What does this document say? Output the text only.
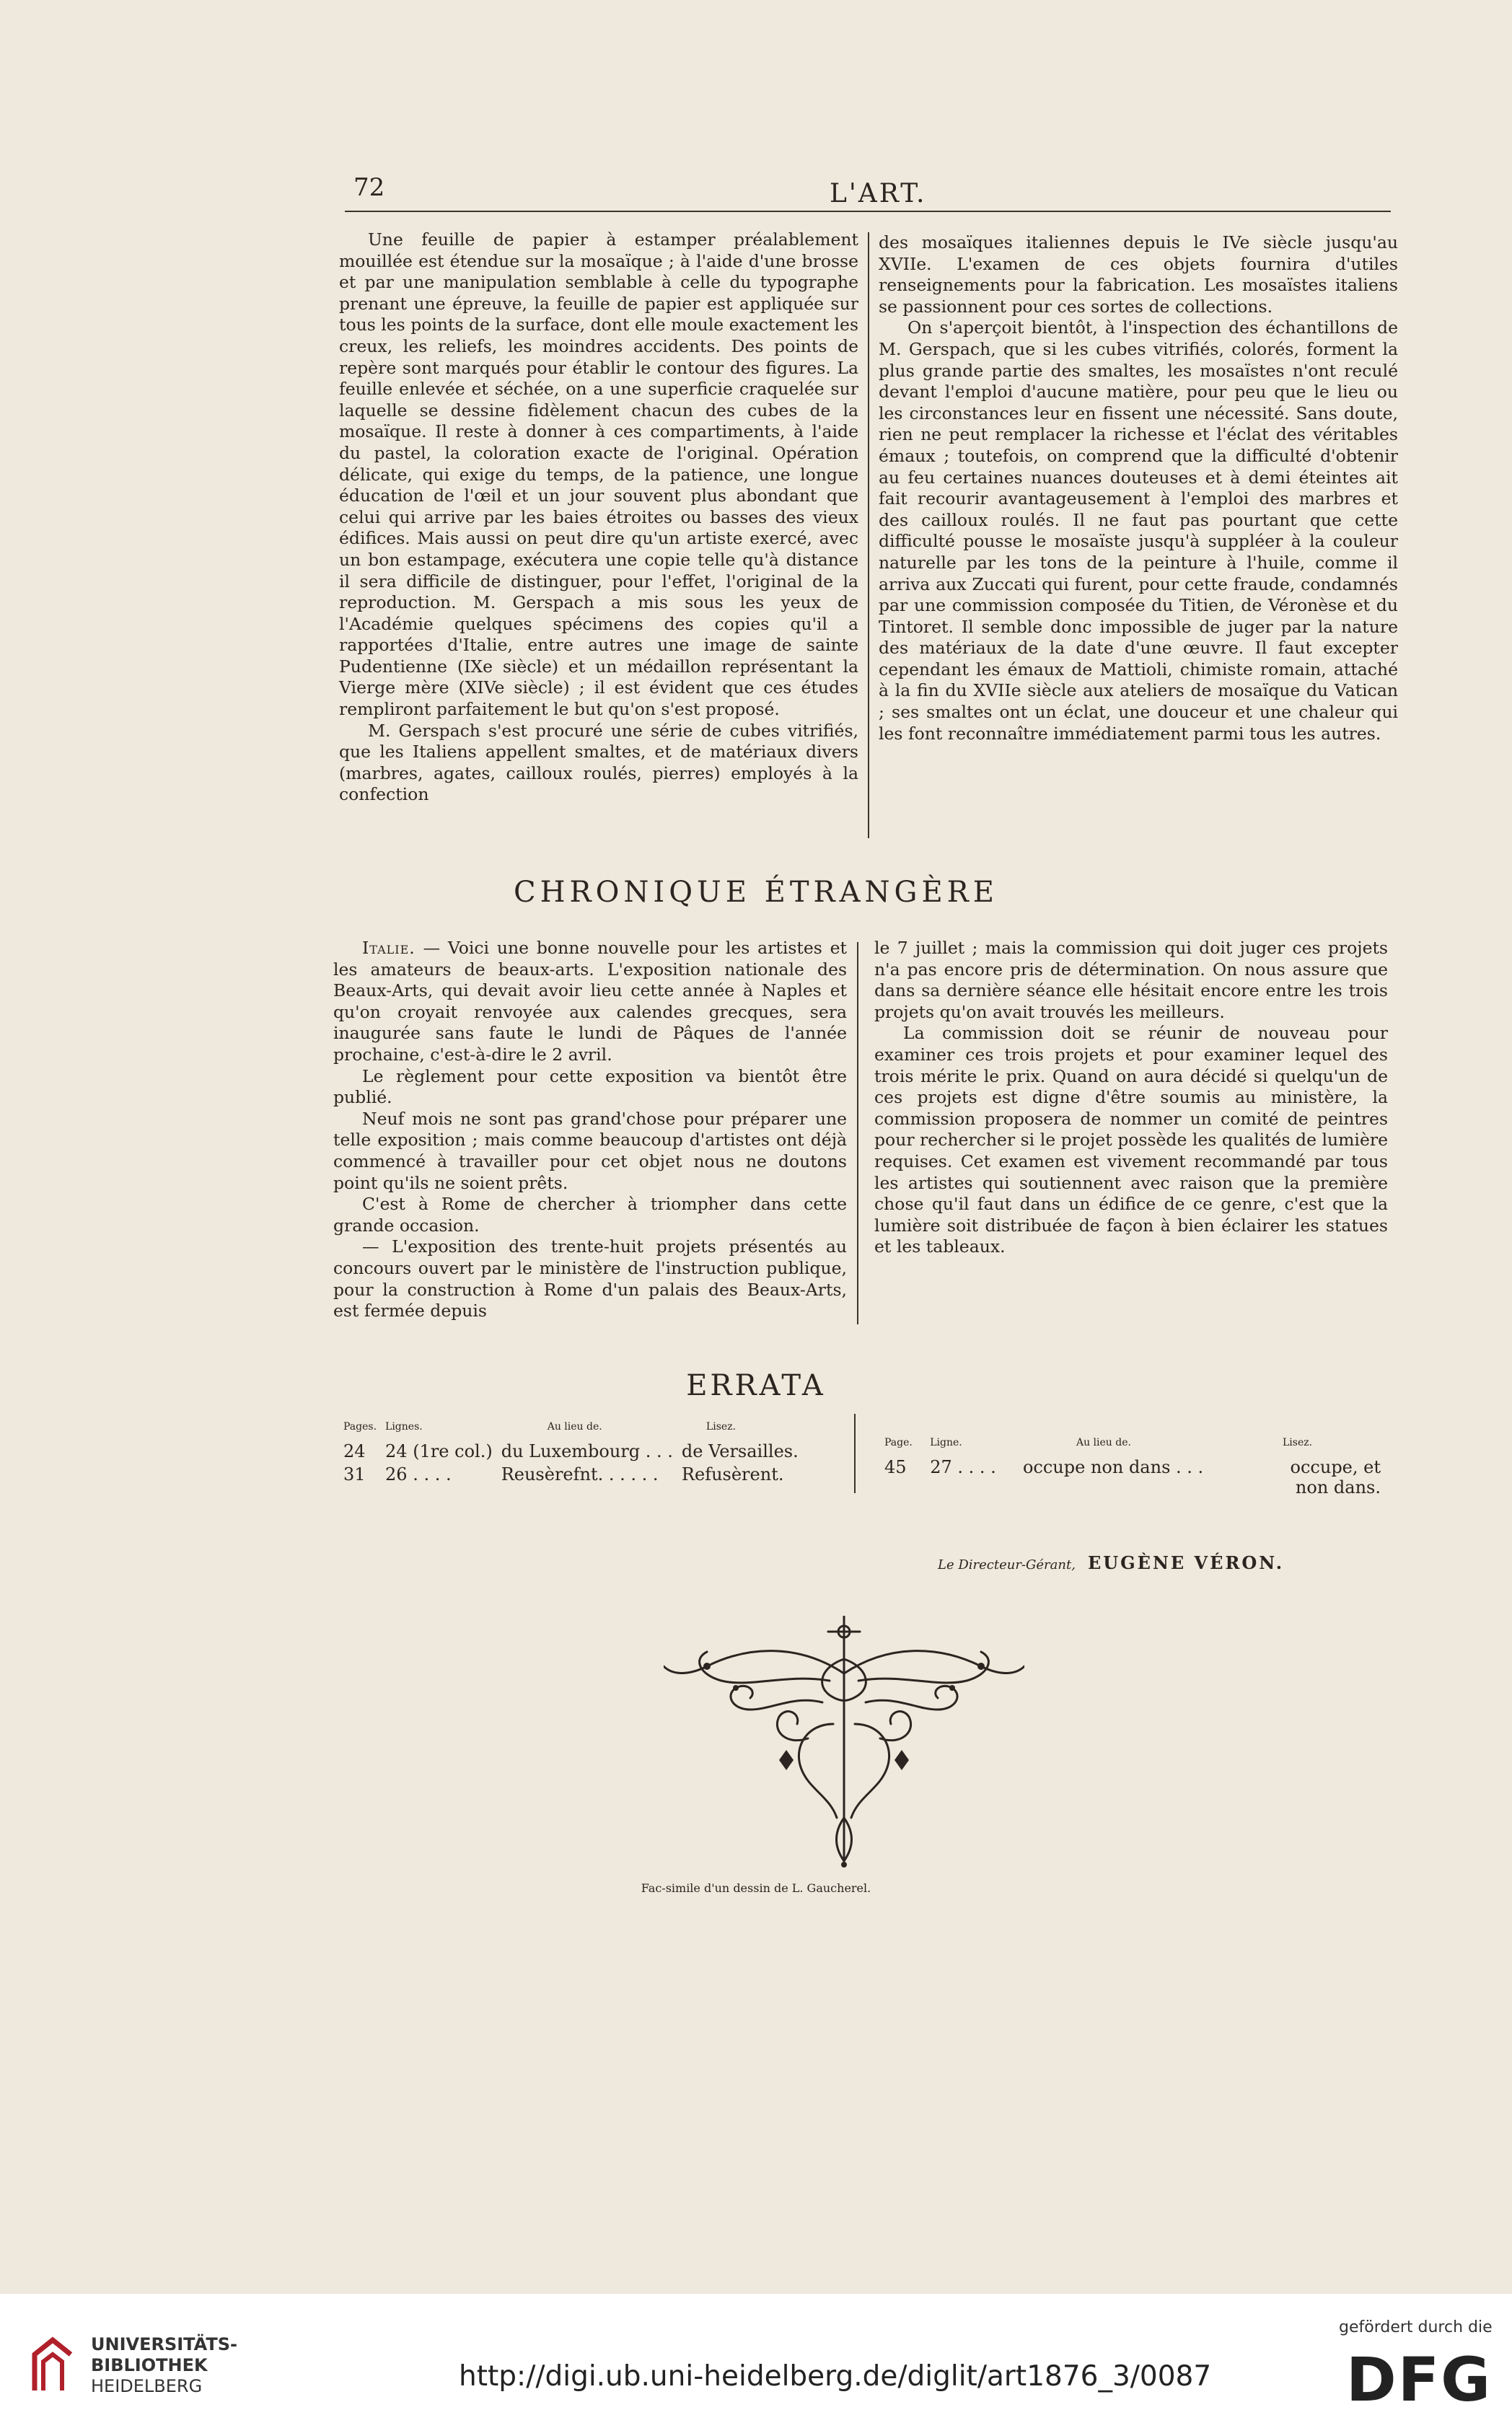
72	L'ART.

Une feuille de papier à estamper préalablement mouillée est étendue sur la mosaïque ; à l'aide d'une brosse et par une manipulation semblable à celle du typographe prenant une épreuve, la feuille de papier est appliquée sur tous les points de la surface, dont elle moule exactement les creux, les reliefs, les moindres accidents. Des points de repère sont marqués pour établir le contour des figures. La feuille enlevée et séchée, on a une superficie craquelée sur laquelle se dessine fidèlement chacun des cubes de la mosaïque. Il reste à donner à ces compartiments, à l'aide du pastel, la coloration exacte de l'original. Opération délicate, qui exige du temps, de la patience, une longue éducation de l'œil et un jour souvent plus abondant que celui qui arrive par les baies étroites ou basses des vieux édifices. Mais aussi on peut dire qu'un artiste exercé, avec un bon estampage, exécutera une copie telle qu'à distance il sera difficile de distinguer, pour l'effet, l'original de la reproduction. M. Gerspach a mis sous les yeux de l'Académie quelques spécimens des copies qu'il a rapportées d'Italie, entre autres une image de sainte Pudentienne (IXe siècle) et un médaillon représentant la Vierge mère (XIVe siècle) ; il est évident que ces études rempliront parfaitement le but qu'on s'est proposé.

M. Gerspach s'est procuré une série de cubes vitrifiés, que les Italiens appellent smaltes, et de matériaux divers (marbres, agates, cailloux roulés, pierres) employés à la confection

des mosaïques italiennes depuis le IVe siècle jusqu'au XVIIe. L'examen de ces objets fournira d'utiles renseignements pour la fabrication. Les mosaïstes italiens se passionnent pour ces sortes de collections.

On s'aperçoit bientôt, à l'inspection des échantillons de M. Gerspach, que si les cubes vitrifiés, colorés, forment la plus grande partie des smaltes, les mosaïstes n'ont reculé devant l'emploi d'aucune matière, pour peu que le lieu ou les circonstances leur en fissent une nécessité. Sans doute, rien ne peut remplacer la richesse et l'éclat des véritables émaux ; toutefois, on comprend que la difficulté d'obtenir au feu certaines nuances douteuses et à demi éteintes ait fait recourir avantageusement à l'emploi des marbres et des cailloux roulés. Il ne faut pas pourtant que cette difficulté pousse le mosaïste jusqu'à suppléer à la couleur naturelle par les tons de la peinture à l'huile, comme il arriva aux Zuccati qui furent, pour cette fraude, condamnés par une commission composée du Titien, de Véronèse et du Tintoret. Il semble donc impossible de juger par la nature des matériaux de la date d'une œuvre. Il faut excepter cependant les émaux de Mattioli, chimiste romain, attaché à la fin du XVIIe siècle aux ateliers de mosaïque du Vatican ; ses smaltes ont un éclat, une douceur et une chaleur qui les font reconnaître immédiatement parmi tous les autres.

CHRONIQUE ÉTRANGÈRE

Italie. — Voici une bonne nouvelle pour les artistes et les amateurs de beaux-arts. L'exposition nationale des Beaux-Arts, qui devait avoir lieu cette année à Naples et qu'on croyait renvoyée aux calendes grecques, sera inaugurée sans faute le lundi de Pâques de l'année prochaine, c'est-à-dire le 2 avril.

Le règlement pour cette exposition va bientôt être publié.

Neuf mois ne sont pas grand'chose pour préparer une telle exposition ; mais comme beaucoup d'artistes ont déjà commencé à travailler pour cet objet nous ne doutons point qu'ils ne soient prêts.

C'est à Rome de chercher à triompher dans cette grande occasion.

— L'exposition des trente-huit projets présentés au concours ouvert par le ministère de l'instruction publique, pour la construction à Rome d'un palais des Beaux-Arts, est fermée depuis

le 7 juillet ; mais la commission qui doit juger ces projets n'a pas encore pris de détermination. On nous assure que dans sa dernière séance elle hésitait encore entre les trois projets qu'on avait trouvés les meilleurs.

La commission doit se réunir de nouveau pour examiner ces trois projets et pour examiner lequel des trois mérite le prix. Quand on aura décidé si quelqu'un de ces projets est digne d'être soumis au ministère, la commission proposera de nommer un comité de peintres pour rechercher si le projet possède les qualités de lumière requises. Cet examen est vivement recommandé par tous les artistes qui soutiennent avec raison que la première chose qu'il faut dans un édifice de ce genre, c'est que la lumière soit distribuée de façon à bien éclairer les statues et les tableaux.

ERRATA
Pages.	Lignes.	Au lieu de.	Lisez.
24	24 (1re col.)	du Luxembourg . . .	de Versailles.
31	26 . . . .	Reusèrefnt. . . . . .	Refusèrent.
Page.	Ligne.	Au lieu de.	Lisez.
45	27 . . . .	occupe non dans . . .	occupe, et non dans.
Le Directeur-Gérant, EUGÈNE VÉRON.
Fac-simile d'un dessin de L. Gaucherel.
UNIVERSITÄTS-
BIBLIOTHEK
HEIDELBERG	http://digi.ub.uni-heidelberg.de/diglit/art1876_3/0087
gefördert durch die
DFG
